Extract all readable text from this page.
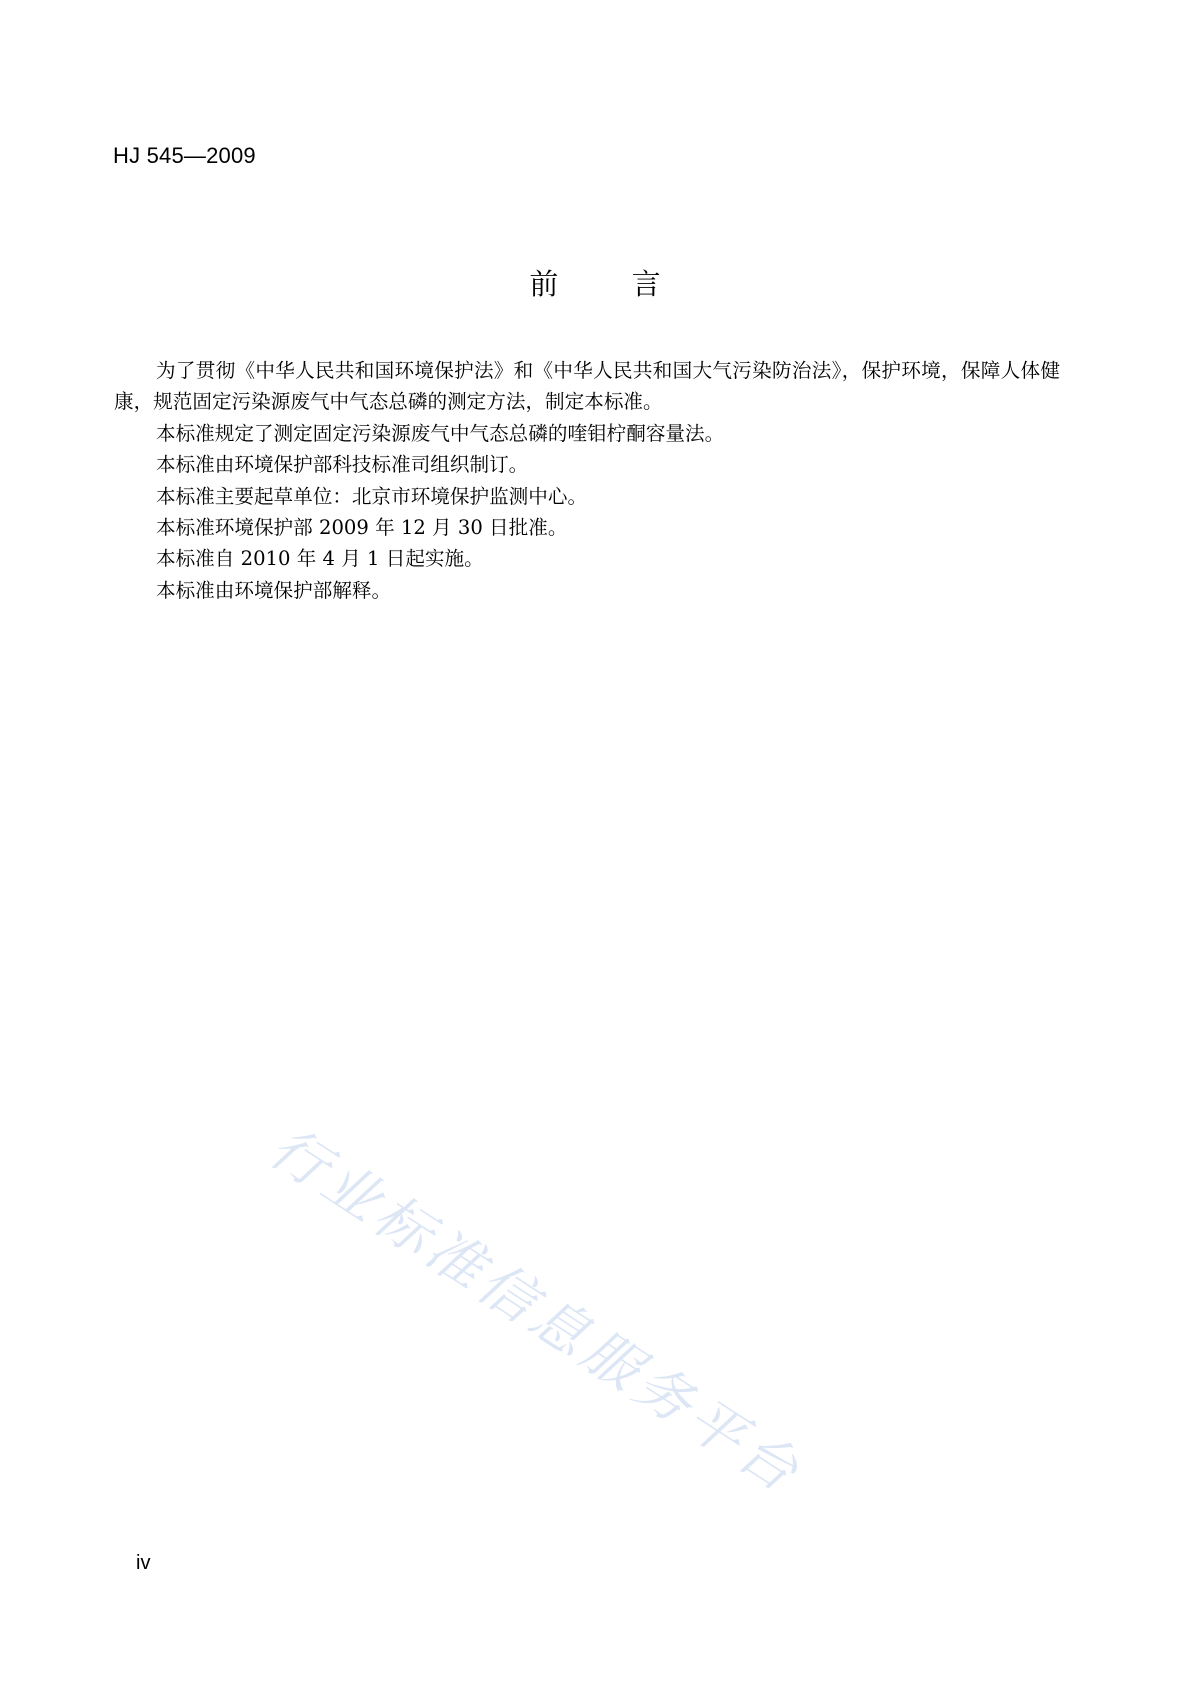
HJ 545—2009
前 言

为了贯彻《中华人民共和国环境保护法》和《中华人民共和国大气污染防治法》，保护环境，保障人体健康，规范固定污染源废气中气态总磷的测定方法，制定本标准。

本标准规定了测定固定污染源废气中气态总磷的喹钼柠酮容量法。

本标准由环境保护部科技标准司组织制订。

本标准主要起草单位：北京市环境保护监测中心。

本标准环境保护部 2009 年 12 月 30 日批准。

本标准自 2010 年 4 月 1 日起实施。

本标准由环境保护部解释。

行业标准信息服务平台
iv
